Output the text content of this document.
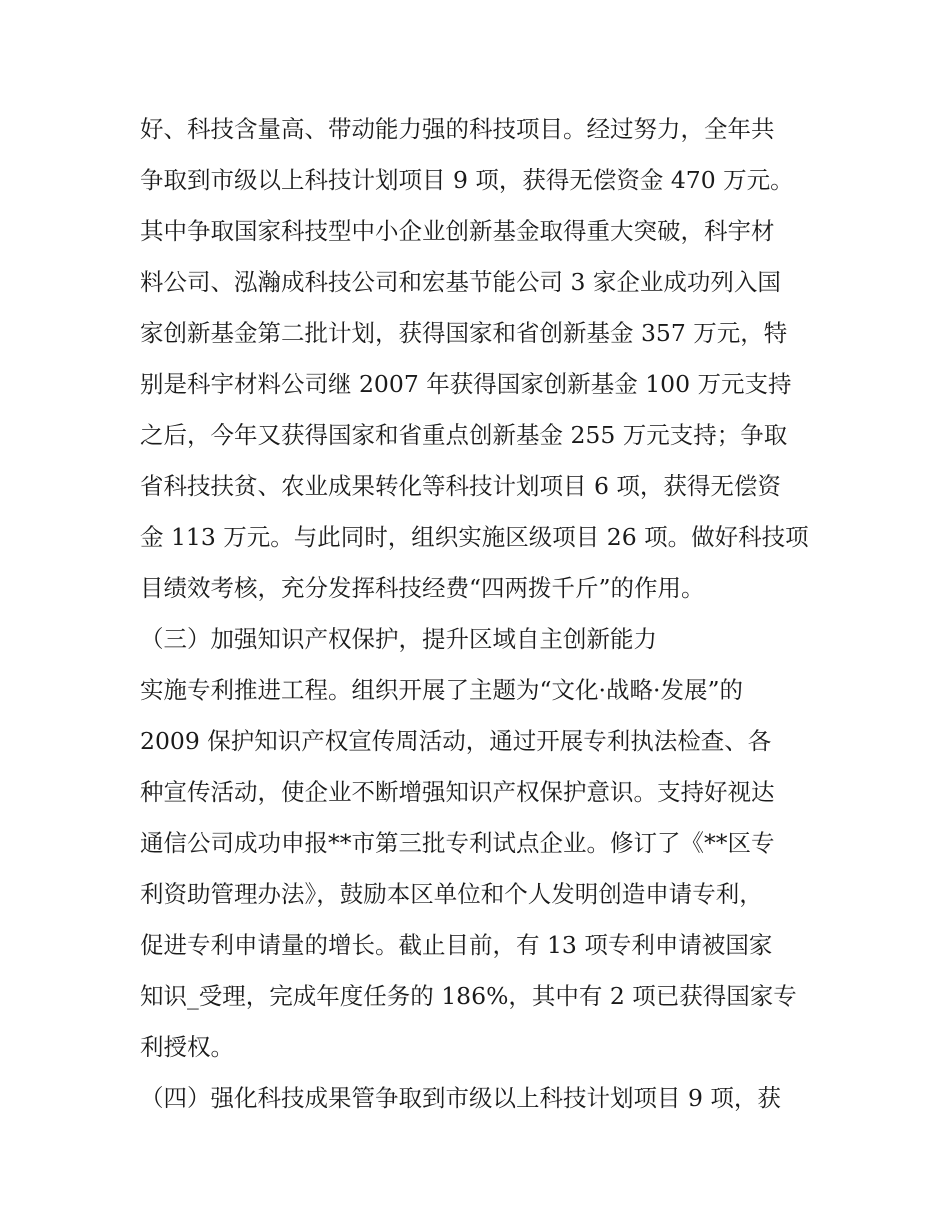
好、科技含量高、带动能力强的科技项目。经过努力，全年共
争取到市级以上科技计划项目 9 项，获得无偿资金 470 万元。
其中争取国家科技型中小企业创新基金取得重大突破，科宇材
料公司、泓瀚成科技公司和宏基节能公司 3 家企业成功列入国
家创新基金第二批计划，获得国家和省创新基金 357 万元，特
别是科宇材料公司继 2007 年获得国家创新基金 100 万元支持
之后，今年又获得国家和省重点创新基金 255 万元支持；争取
省科技扶贫、农业成果转化等科技计划项目 6 项，获得无偿资
金 113 万元。与此同时，组织实施区级项目 26 项。做好科技项
目绩效考核，充分发挥科技经费“四两拨千斤”的作用。
（三）加强知识产权保护，提升区域自主创新能力
实施专利推进工程。组织开展了主题为“文化·战略·发展”的
2009 保护知识产权宣传周活动，通过开展专利执法检查、各
种宣传活动，使企业不断增强知识产权保护意识。支持好视达
通信公司成功申报**市第三批专利试点企业。修订了《**区专
利资助管理办法》，鼓励本区单位和个人发明创造申请专利，
促进专利申请量的增长。截止目前，有 13 项专利申请被国家
知识_受理，完成年度任务的 186%，其中有 2 项已获得国家专
利授权。
（四）强化科技成果管争取到市级以上科技计划项目 9 项，获
